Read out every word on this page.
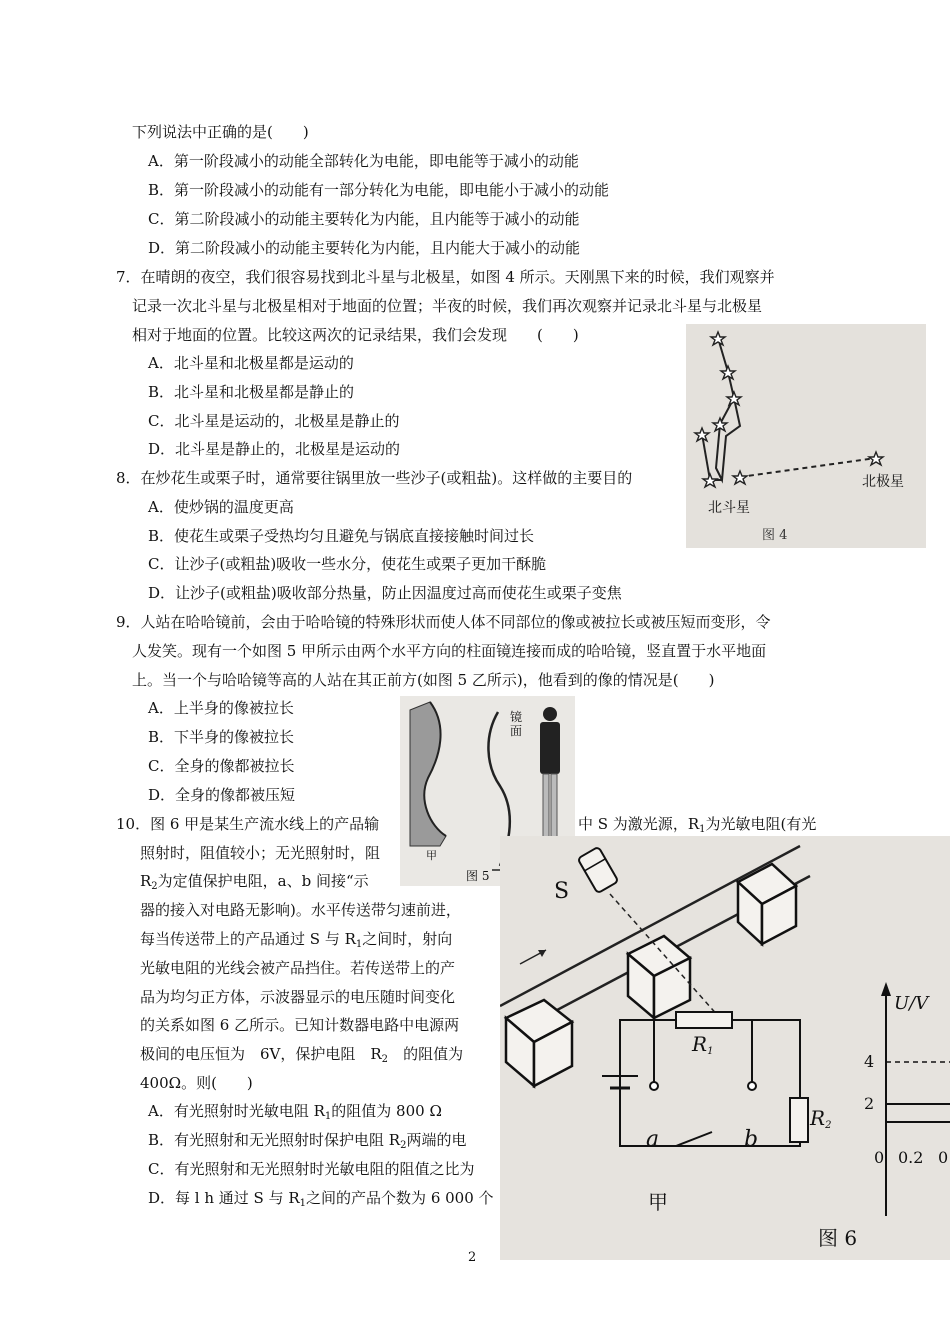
下列说法中正确的是(　　)
A．第一阶段减小的动能全部转化为电能，即电能等于减小的动能
B．第一阶段减小的动能有一部分转化为电能，即电能小于减小的动能
C．第二阶段减小的动能主要转化为内能，且内能等于减小的动能
D．第二阶段减小的动能主要转化为内能，且内能大于减小的动能
7．在晴朗的夜空，我们很容易找到北斗星与北极星，如图 4 所示。天刚黑下来的时候，我们观察并
记录一次北斗星与北极星相对于地面的位置；半夜的时候，我们再次观察并记录北斗星与北极星
相对于地面的位置。比较这两次的记录结果，我们会发现　　(　　)
A．北斗星和北极星都是运动的
B．北斗星和北极星都是静止的
C．北斗星是运动的，北极星是静止的
D．北斗星是静止的，北极星是运动的
北斗星
北极星
图 4
8．在炒花生或栗子时，通常要往锅里放一些沙子(或粗盐)。这样做的主要目的
A．使炒锅的温度更高
B．使花生或栗子受热均匀且避免与锅底直接接触时间过长
C．让沙子(或粗盐)吸收一些水分，使花生或栗子更加干酥脆
D．让沙子(或粗盐)吸收部分热量，防止因温度过高而使花生或栗子变焦
9．人站在哈哈镜前，会由于哈哈镜的特殊形状而使人体不同部位的像或被拉长或被压短而变形，令
人发笑。现有一个如图 5 甲所示由两个水平方向的柱面镜连接而成的哈哈镜，竖直置于水平地面
上。当一个与哈哈镜等高的人站在其正前方(如图 5 乙所示)，他看到的像的情况是(　　)
A．上半身的像被拉长
B．下半身的像被拉长
C．全身的像都被拉长
D．全身的像都被压短
镜面
甲
图 5
10．图 6 甲是某生产流水线上的产品输	中 S 为激光源，$R_1$为光敏电阻(有光
照射时，阻值较小；无光照射时，阻
$R_2$为定值保护电阻，a、b 间接“示
器的接入对电路无影响)。水平传送带匀速前进，
每当传送带上的产品通过 S 与 $R_1$之间时，射向
光敏电阻的光线会被产品挡住。若传送带上的产
品为均匀正方体，示波器显示的电压随时间变化
的关系如图 6 乙所示。已知计数器电路中电源两
极间的电压恒为　6V，保护电阻　$R_2$　 的阻值为
400Ω。则(　　)
A．有光照射时光敏电阻 $R_1$的阻值为 800 Ω
B．有光照射和无光照射时保护电阻 $R_2$两端的电
C．有光照射和无光照射时光敏电阻的阻值之比为
D．每 l h 通过 S 与 $R_1$之间的产品个数为 6 000 个
S
$R_1$
$R_2$
a	b
甲
图 6
U/V
4
2
0 0.2 0
2
